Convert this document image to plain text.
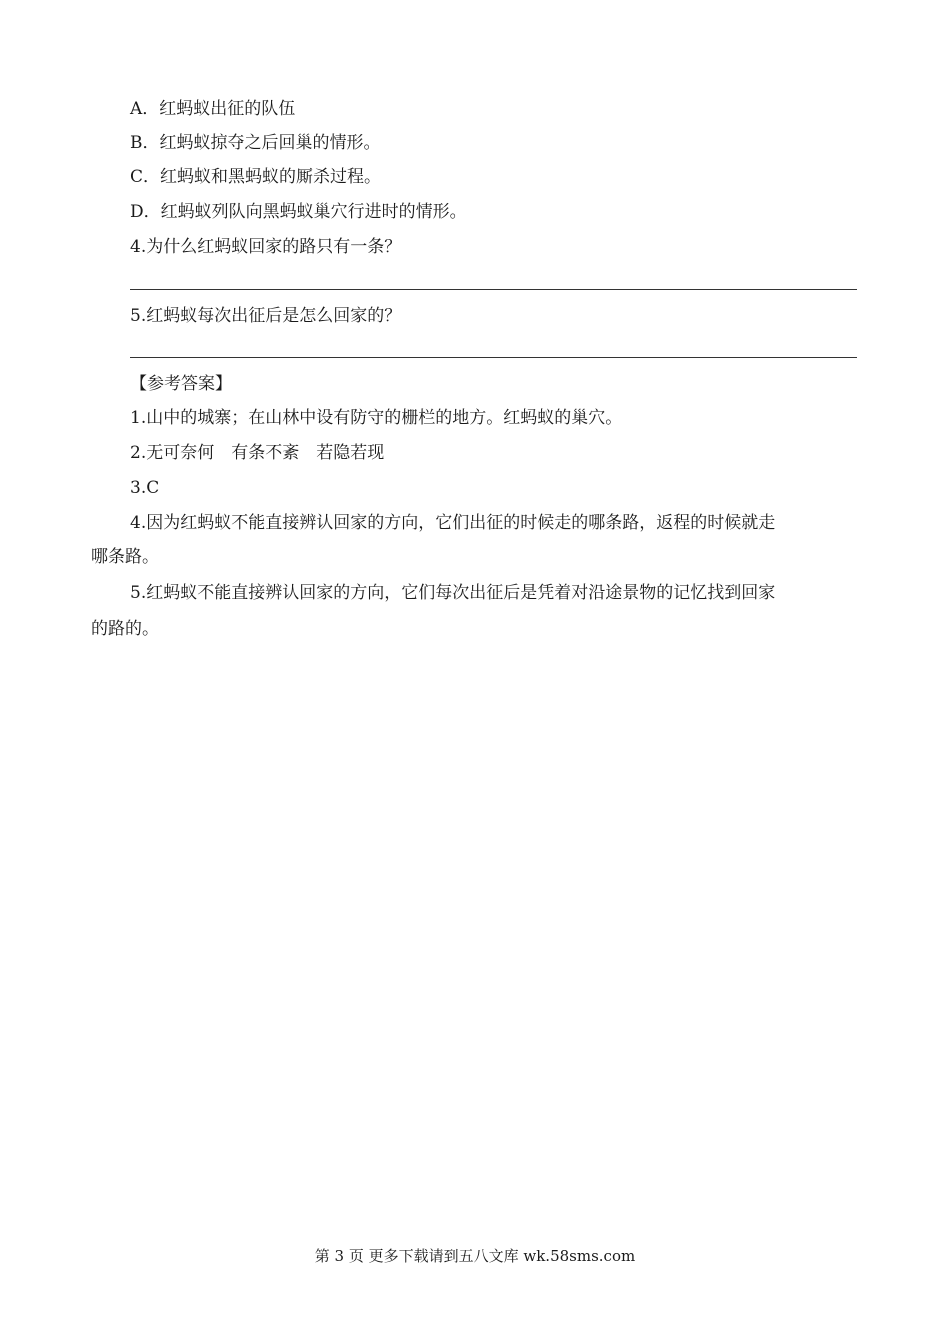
A．红蚂蚁出征的队伍
B．红蚂蚁掠夺之后回巢的情形。
C．红蚂蚁和黑蚂蚁的厮杀过程。
D．红蚂蚁列队向黑蚂蚁巢穴行进时的情形。
4.为什么红蚂蚁回家的路只有一条？
5.红蚂蚁每次出征后是怎么回家的？
【参考答案】
1.山中的城寨；在山林中设有防守的栅栏的地方。红蚂蚁的巢穴。
2.无可奈何　有条不紊　若隐若现
3.C
4.因为红蚂蚁不能直接辨认回家的方向，它们出征的时候走的哪条路，返程的时候就走
哪条路。
5.红蚂蚁不能直接辨认回家的方向，它们每次出征后是凭着对沿途景物的记忆找到回家
的路的。
第 3 页 更多下载请到五八文库 wk.58sms.com
